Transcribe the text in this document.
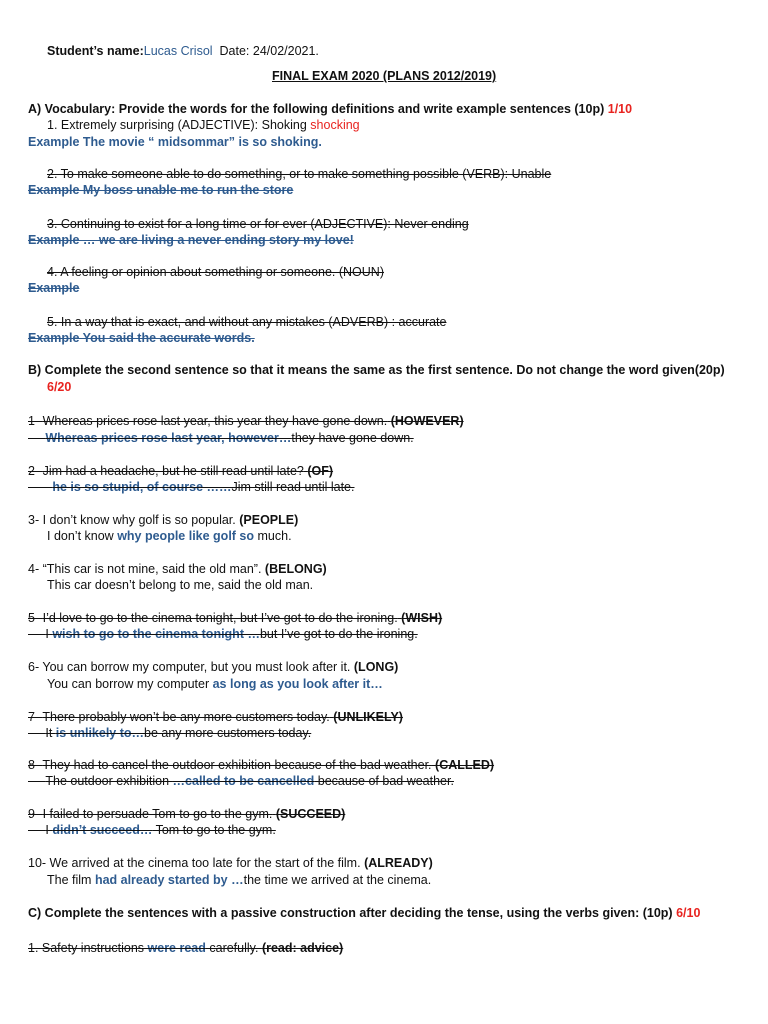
Student’s name:Lucas Crisol Date: 24/02/2021.
FINAL EXAM 2020 (PLANS 2012/2019)
A) Vocabulary: Provide the words for the following definitions and write example sentences (10p) 1/10
1. Extremely surprising (ADJECTIVE): Shoking shocking
Example The movie “ midsommar” is so shoking.
2. To make someone able to do something, or to make something possible (VERB): Unable
Example My boss unable me to run the store
3. Continuing to exist for a long time or for ever (ADJECTIVE): Never ending
Example … we are living a never ending story my love!
4. A feeling or opinion about something or someone. (NOUN)
Example
5. In a way that is exact, and without any mistakes (ADVERB) : accurate
Example You said the accurate words.
B) Complete the second sentence so that it means the same as the first sentence. Do not change the word given(20p)
6/20
1- Whereas prices rose last year, this year they have gone down. (HOWEVER)
Whereas prices rose last year, however…they have gone down.
2- Jim had a headache, but he still read until late? (OF)
he is so stupid, of course ……Jim still read until late.
3- I don’t know why golf is so popular. (PEOPLE)
I don’t know why people like golf so much.
4- “This car is not mine, said the old man”. (BELONG)
This car doesn’t belong to me, said the old man.
5- I’d love to go to the cinema tonight, but I’ve got to do the ironing. (WISH)
I wish to go to the cinema tonight …but I’ve got to do the ironing.
6- You can borrow my computer, but you must look after it. (LONG)
You can borrow my computer as long as you look after it…
7- There probably won’t be any more customers today. (UNLIKELY)
It is unlikely to…be any more customers today.
8- They had to cancel the outdoor exhibition because of the bad weather. (CALLED)
The outdoor exhibition …called to be cancelled because of bad weather.
9- I failed to persuade Tom to go to the gym. (SUCCEED)
I didn’t succeed… Tom to go to the gym.
10- We arrived at the cinema too late for the start of the film. (ALREADY)
The film had already started by …the time we arrived at the cinema.
C) Complete the sentences with a passive construction after deciding the tense, using the verbs given: (10p) 6/10
1. Safety instructions were read carefully. (read: advice)
